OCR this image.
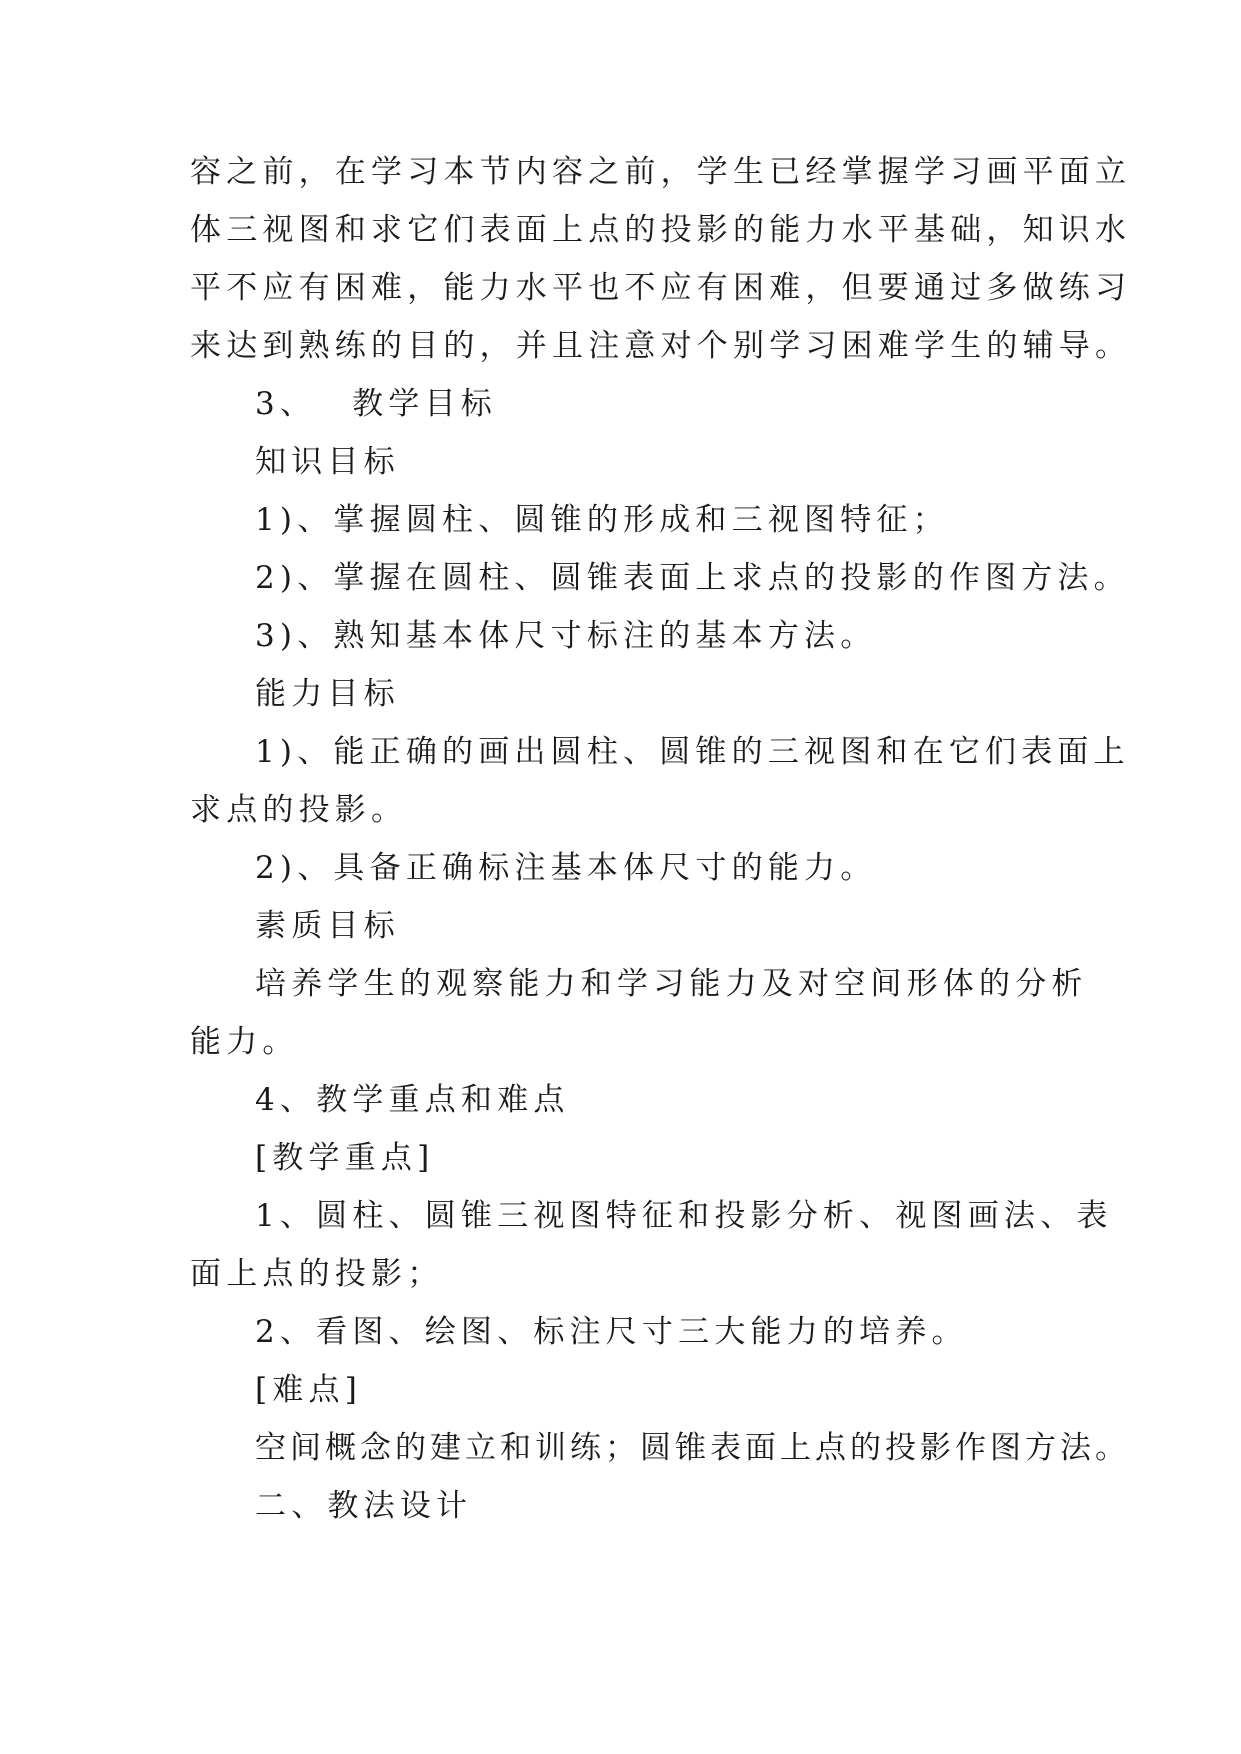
容之前，在学习本节内容之前，学生已经掌握学习画平面立
体三视图和求它们表面上点的投影的能力水平基础，知识水
平不应有困难，能力水平也不应有困难，但要通过多做练习
来达到熟练的目的，并且注意对个别学习困难学生的辅导。
3、 教学目标
知识目标
1)、掌握圆柱、圆锥的形成和三视图特征；
2)、掌握在圆柱、圆锥表面上求点的投影的作图方法。
3)、熟知基本体尺寸标注的基本方法。
能力目标
1)、能正确的画出圆柱、圆锥的三视图和在它们表面上
求点的投影。
2)、具备正确标注基本体尺寸的能力。
素质目标
培养学生的观察能力和学习能力及对空间形体的分析
能力。
4、教学重点和难点
[教学重点]
1、圆柱、圆锥三视图特征和投影分析、视图画法、表
面上点的投影；
2、看图、绘图、标注尺寸三大能力的培养。
[难点]
空间概念的建立和训练；圆锥表面上点的投影作图方法。
二、教法设计
